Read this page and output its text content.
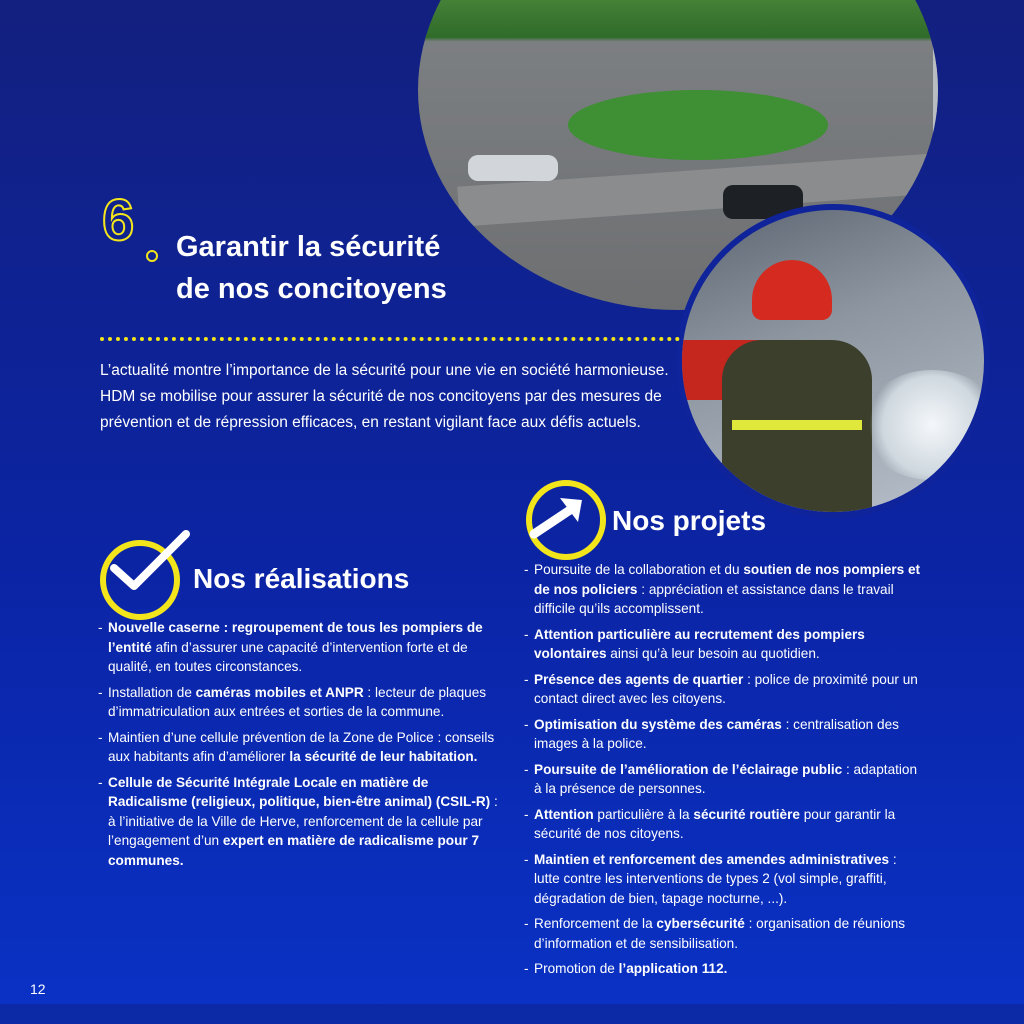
6 Garantir la sécurité
de nos concitoyens

L’actualité montre l’importance de la sécurité pour une vie en société harmonieuse. HDM se mobilise pour assurer la sécurité de nos concitoyens par des mesures de prévention et de répression efficaces, en restant vigilant face aux défis actuels.

Nos réalisations
Nos projets
- Nouvelle caserne : regroupement de tous les pompiers de l’entité afin d’assurer une capacité d’intervention forte et de qualité, en toutes circonstances.
- Installation de caméras mobiles et ANPR : lecteur de plaques d’immatriculation aux entrées et sorties de la commune.
- Maintien d’une cellule prévention de la Zone de Police : conseils aux habitants afin d’améliorer la sécurité de leur habitation.
- Cellule de Sécurité Intégrale Locale en matière de Radicalisme (religieux, politique, bien-être animal) (CSIL-R) : à l’initiative de la Ville de Herve, renforcement de la cellule par l’engagement d’un expert en matière de radicalisme pour 7 communes.
- Poursuite de la collaboration et du soutien de nos pompiers et de nos policiers : appréciation et assistance dans le travail difficile qu’ils accomplissent.
- Attention particulière au recrutement des pompiers volontaires ainsi qu’à leur besoin au quotidien.
- Présence des agents de quartier : police de proximité pour un contact direct avec les citoyens.
- Optimisation du système des caméras : centralisation des images à la police.
- Poursuite de l’amélioration de l’éclairage public : adaptation à la présence de personnes.
- Attention particulière à la sécurité routière pour garantir la sécurité de nos citoyens.
- Maintien et renforcement des amendes administratives : lutte contre les interventions de types 2 (vol simple, graffiti, dégradation de bien, tapage nocturne, ...).
- Renforcement de la cybersécurité : organisation de réunions d’information et de sensibilisation.
- Promotion de l’application 112.
12
